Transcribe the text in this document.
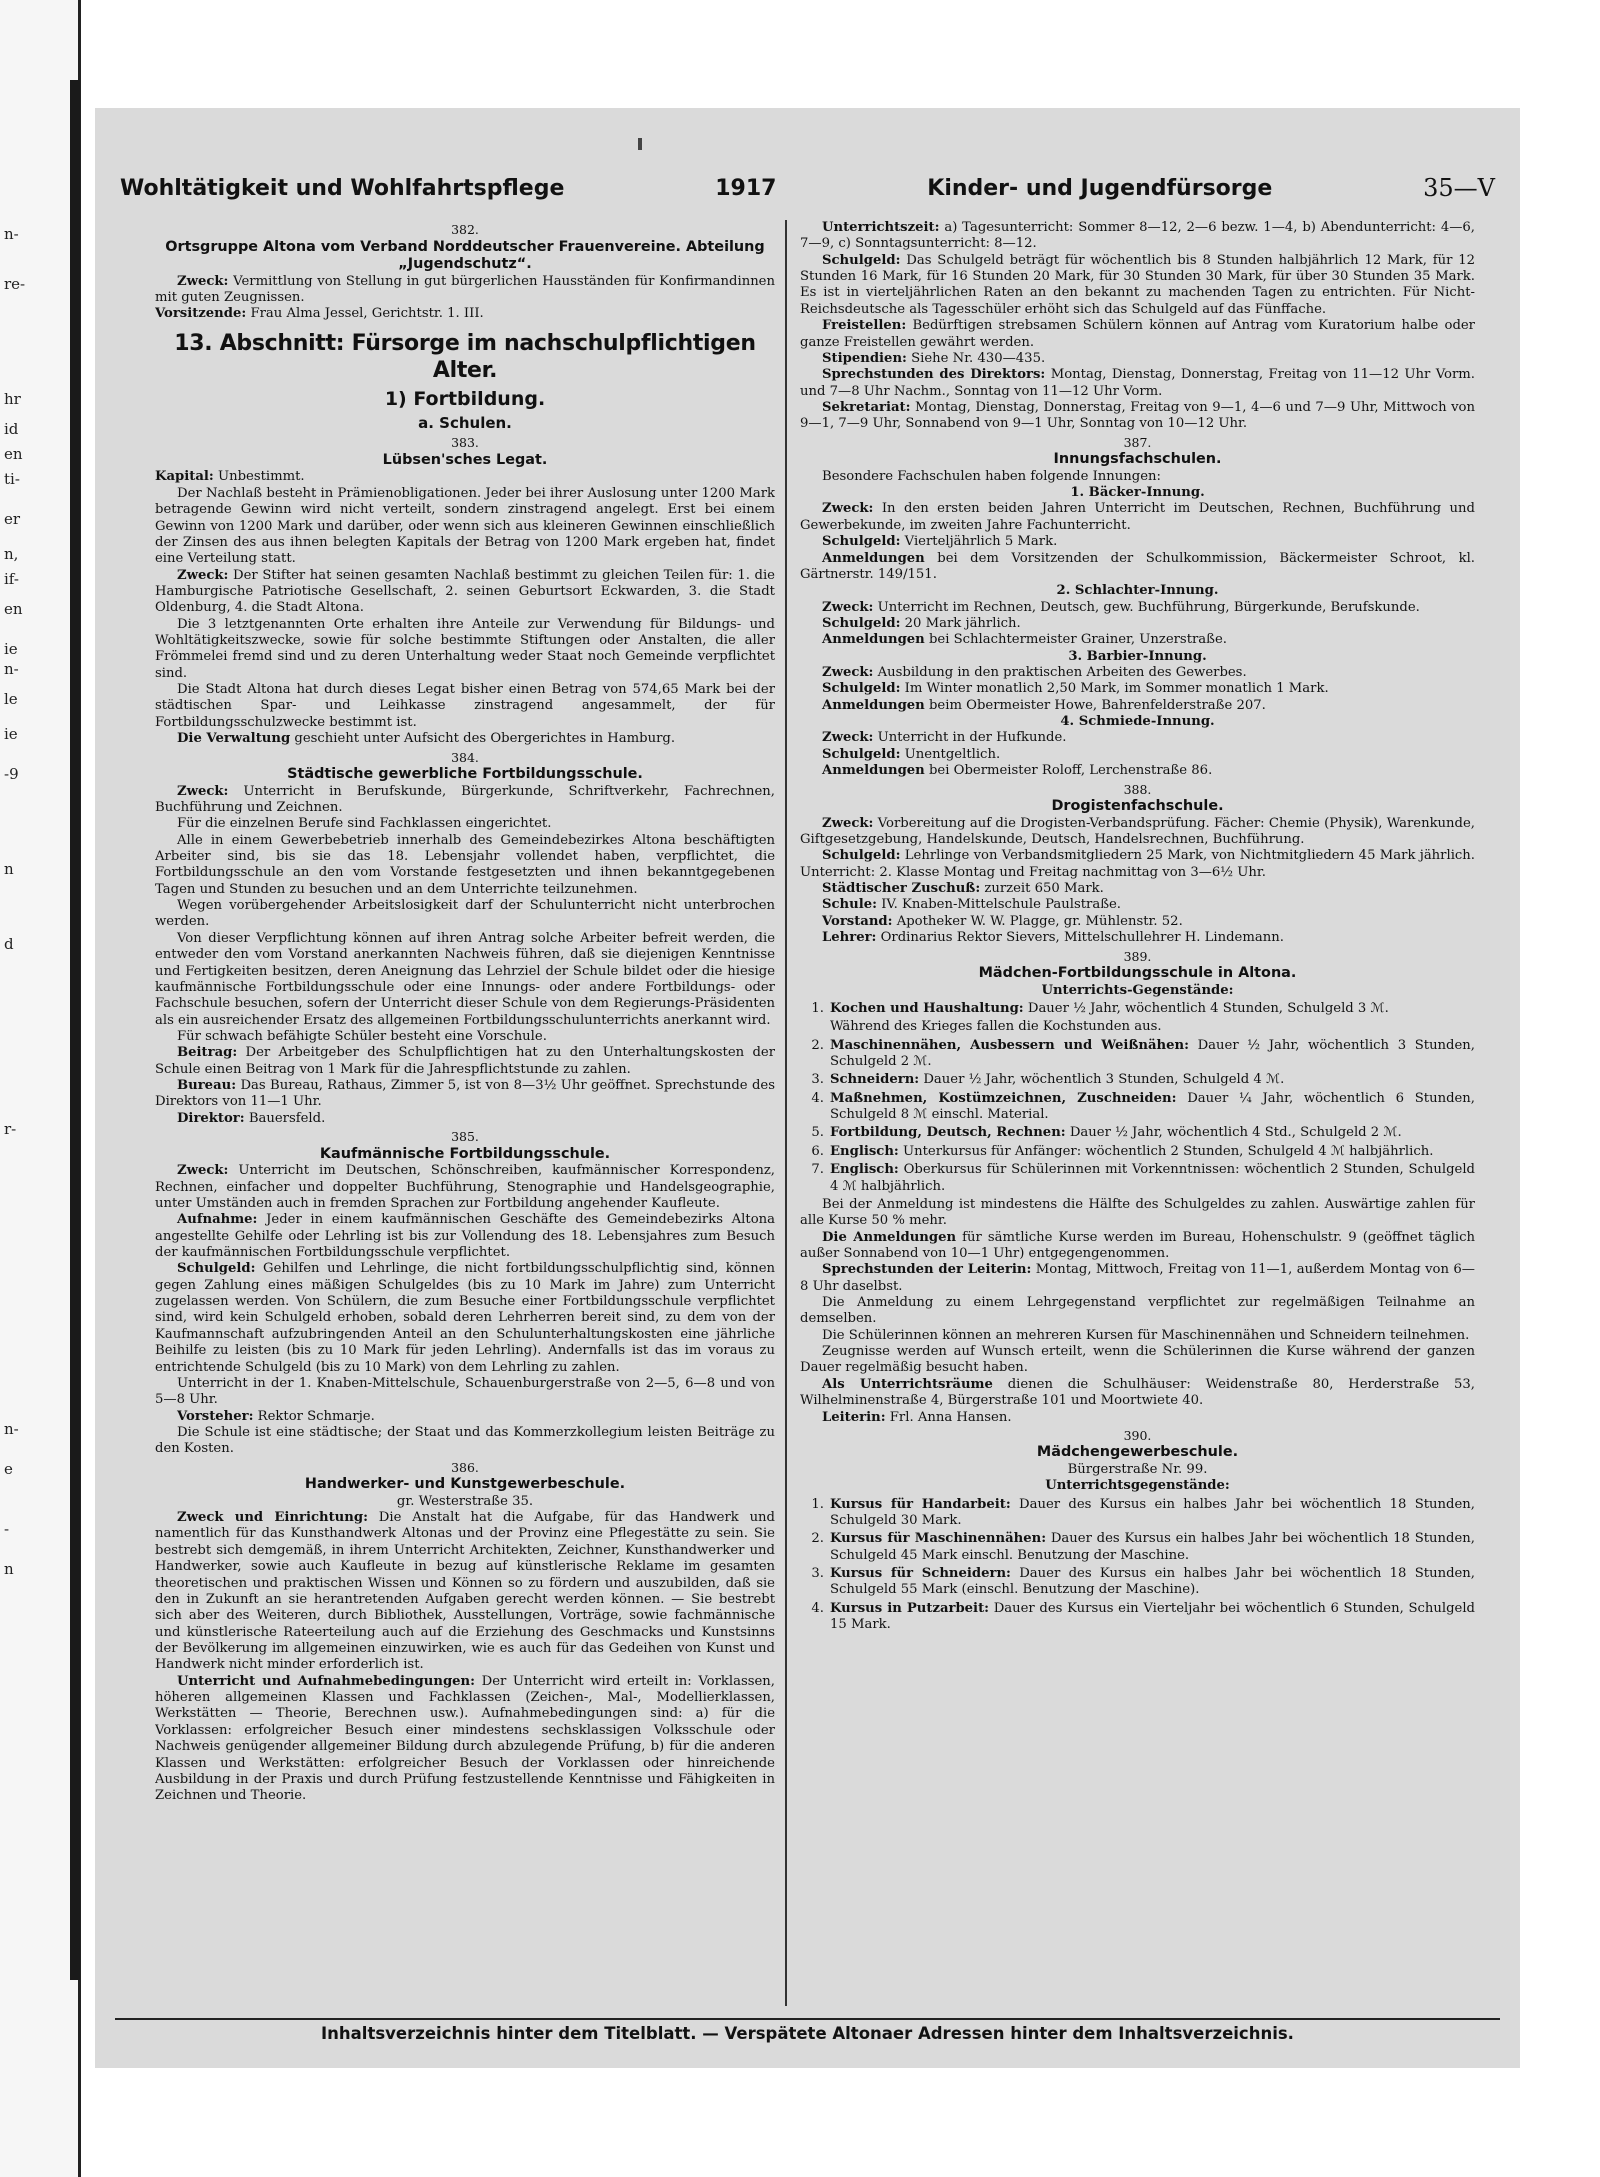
n-
re-
hr
id
en
ti-
er
n,
if-
en
ie
n-
le
ie
-9
n
d
r-
n-
e
-
n
Wohltätigkeit und Wohlfahrtspflege	1917	Kinder- und Jugendfürsorge	35—V
382.
Ortsgruppe Altona vom Verband Norddeutscher Frauenvereine. Abteilung „Jugendschutz“.

Zweck: Vermittlung von Stellung in gut bürgerlichen Hausständen für Konfirmandinnen mit guten Zeugnissen.

Vorsitzende: Frau Alma Jessel, Gerichtstr. 1. III.

13. Abschnitt: Fürsorge im nachschulpflichtigen Alter.
1) Fortbildung.
a. Schulen.
383.
Lübsen'sches Legat.

Kapital: Unbestimmt.

Der Nachlaß besteht in Prämienobligationen. Jeder bei ihrer Auslosung unter 1200 Mark betragende Gewinn wird nicht verteilt, sondern zinstragend angelegt. Erst bei einem Gewinn von 1200 Mark und darüber, oder wenn sich aus kleineren Gewinnen einschließlich der Zinsen des aus ihnen belegten Kapitals der Betrag von 1200 Mark ergeben hat, findet eine Verteilung statt.

Zweck: Der Stifter hat seinen gesamten Nachlaß bestimmt zu gleichen Teilen für: 1. die Hamburgische Patriotische Gesellschaft, 2. seinen Geburtsort Eckwarden, 3. die Stadt Oldenburg, 4. die Stadt Altona.

Die 3 letztgenannten Orte erhalten ihre Anteile zur Verwendung für Bildungs- und Wohltätigkeitszwecke, sowie für solche bestimmte Stiftungen oder Anstalten, die aller Frömmelei fremd sind und zu deren Unterhaltung weder Staat noch Gemeinde verpflichtet sind.

Die Stadt Altona hat durch dieses Legat bisher einen Betrag von 574,65 Mark bei der städtischen Spar- und Leihkasse zinstragend angesammelt, der für Fortbildungsschulzwecke bestimmt ist.

Die Verwaltung geschieht unter Aufsicht des Obergerichtes in Hamburg.

384.
Städtische gewerbliche Fortbildungsschule.

Zweck: Unterricht in Berufskunde, Bürgerkunde, Schriftverkehr, Fachrechnen, Buchführung und Zeichnen.

Für die einzelnen Berufe sind Fachklassen eingerichtet.

Alle in einem Gewerbebetrieb innerhalb des Gemeindebezirkes Altona beschäftigten Arbeiter sind, bis sie das 18. Lebensjahr vollendet haben, verpflichtet, die Fortbildungsschule an den vom Vorstande festgesetzten und ihnen bekanntgegebenen Tagen und Stunden zu besuchen und an dem Unterrichte teilzunehmen.

Wegen vorübergehender Arbeitslosigkeit darf der Schulunterricht nicht unterbrochen werden.

Von dieser Verpflichtung können auf ihren Antrag solche Arbeiter befreit werden, die entweder den vom Vorstand anerkannten Nachweis führen, daß sie diejenigen Kenntnisse und Fertigkeiten besitzen, deren Aneignung das Lehrziel der Schule bildet oder die hiesige kaufmännische Fortbildungsschule oder eine Innungs- oder andere Fortbildungs- oder Fachschule besuchen, sofern der Unterricht dieser Schule von dem Regierungs-Präsidenten als ein ausreichender Ersatz des allgemeinen Fortbildungsschulunterrichts anerkannt wird.

Für schwach befähigte Schüler besteht eine Vorschule.

Beitrag: Der Arbeitgeber des Schulpflichtigen hat zu den Unterhaltungskosten der Schule einen Beitrag von 1 Mark für die Jahrespflichtstunde zu zahlen.

Bureau: Das Bureau, Rathaus, Zimmer 5, ist von 8—3½ Uhr geöffnet. Sprechstunde des Direktors von 11—1 Uhr.

Direktor: Bauersfeld.

385.
Kaufmännische Fortbildungsschule.

Zweck: Unterricht im Deutschen, Schönschreiben, kaufmännischer Korrespondenz, Rechnen, einfacher und doppelter Buchführung, Stenographie und Handelsgeographie, unter Umständen auch in fremden Sprachen zur Fortbildung angehender Kaufleute.

Aufnahme: Jeder in einem kaufmännischen Geschäfte des Gemeindebezirks Altona angestellte Gehilfe oder Lehrling ist bis zur Vollendung des 18. Lebensjahres zum Besuch der kaufmännischen Fortbildungsschule verpflichtet.

Schulgeld: Gehilfen und Lehrlinge, die nicht fortbildungsschulpflichtig sind, können gegen Zahlung eines mäßigen Schulgeldes (bis zu 10 Mark im Jahre) zum Unterricht zugelassen werden. Von Schülern, die zum Besuche einer Fortbildungsschule verpflichtet sind, wird kein Schulgeld erhoben, sobald deren Lehrherren bereit sind, zu dem von der Kaufmannschaft aufzubringenden Anteil an den Schulunterhaltungskosten eine jährliche Beihilfe zu leisten (bis zu 10 Mark für jeden Lehrling). Andernfalls ist das im voraus zu entrichtende Schulgeld (bis zu 10 Mark) von dem Lehrling zu zahlen.

Unterricht in der 1. Knaben-Mittelschule, Schauenburgerstraße von 2—5, 6—8 und von 5—8 Uhr.

Vorsteher: Rektor Schmarje.

Die Schule ist eine städtische; der Staat und das Kommerzkollegium leisten Beiträge zu den Kosten.

386.
Handwerker- und Kunstgewerbeschule.
gr. Westerstraße 35.

Zweck und Einrichtung: Die Anstalt hat die Aufgabe, für das Handwerk und namentlich für das Kunsthandwerk Altonas und der Provinz eine Pflegestätte zu sein. Sie bestrebt sich demgemäß, in ihrem Unterricht Architekten, Zeichner, Kunsthandwerker und Handwerker, sowie auch Kaufleute in bezug auf künstlerische Reklame im gesamten theoretischen und praktischen Wissen und Können so zu fördern und auszubilden, daß sie den in Zukunft an sie herantretenden Aufgaben gerecht werden können. — Sie bestrebt sich aber des Weiteren, durch Bibliothek, Ausstellungen, Vorträge, sowie fachmännische und künstlerische Rateerteilung auch auf die Erziehung des Geschmacks und Kunstsinns der Bevölkerung im allgemeinen einzuwirken, wie es auch für das Gedeihen von Kunst und Handwerk nicht minder erforderlich ist.

Unterricht und Aufnahmebedingungen: Der Unterricht wird erteilt in: Vorklassen, höheren allgemeinen Klassen und Fachklassen (Zeichen-, Mal-, Modellierklassen, Werkstätten — Theorie, Berechnen usw.). Aufnahmebedingungen sind: a) für die Vorklassen: erfolgreicher Besuch einer mindestens sechsklassigen Volksschule oder Nachweis genügender allgemeiner Bildung durch abzulegende Prüfung, b) für die anderen Klassen und Werkstätten: erfolgreicher Besuch der Vorklassen oder hinreichende Ausbildung in der Praxis und durch Prüfung festzustellende Kenntnisse und Fähigkeiten in Zeichnen und Theorie.

Unterrichtszeit: a) Tagesunterricht: Sommer 8—12, 2—6 bezw. 1—4, b) Abendunterricht: 4—6, 7—9, c) Sonntagsunterricht: 8—12.

Schulgeld: Das Schulgeld beträgt für wöchentlich bis 8 Stunden halbjährlich 12 Mark, für 12 Stunden 16 Mark, für 16 Stunden 20 Mark, für 30 Stunden 30 Mark, für über 30 Stunden 35 Mark. Es ist in vierteljährlichen Raten an den bekannt zu machenden Tagen zu entrichten. Für Nicht-Reichsdeutsche als Tagesschüler erhöht sich das Schulgeld auf das Fünffache.

Freistellen: Bedürftigen strebsamen Schülern können auf Antrag vom Kuratorium halbe oder ganze Freistellen gewährt werden.

Stipendien: Siehe Nr. 430—435.

Sprechstunden des Direktors: Montag, Dienstag, Donnerstag, Freitag von 11—12 Uhr Vorm. und 7—8 Uhr Nachm., Sonntag von 11—12 Uhr Vorm.

Sekretariat: Montag, Dienstag, Donnerstag, Freitag von 9—1, 4—6 und 7—9 Uhr, Mittwoch von 9—1, 7—9 Uhr, Sonnabend von 9—1 Uhr, Sonntag von 10—12 Uhr.

387.
Innungsfachschulen.

Besondere Fachschulen haben folgende Innungen:

1. Bäcker-Innung.

Zweck: In den ersten beiden Jahren Unterricht im Deutschen, Rechnen, Buchführung und Gewerbekunde, im zweiten Jahre Fachunterricht.

Schulgeld: Vierteljährlich 5 Mark.

Anmeldungen bei dem Vorsitzenden der Schulkommission, Bäckermeister Schroot, kl. Gärtnerstr. 149/151.

2. Schlachter-Innung.

Zweck: Unterricht im Rechnen, Deutsch, gew. Buchführung, Bürgerkunde, Berufskunde.

Schulgeld: 20 Mark jährlich.

Anmeldungen bei Schlachtermeister Grainer, Unzerstraße.

3. Barbier-Innung.

Zweck: Ausbildung in den praktischen Arbeiten des Gewerbes.

Schulgeld: Im Winter monatlich 2,50 Mark, im Sommer monatlich 1 Mark.

Anmeldungen beim Obermeister Howe, Bahrenfelderstraße 207.

4. Schmiede-Innung.

Zweck: Unterricht in der Hufkunde.

Schulgeld: Unentgeltlich.

Anmeldungen bei Obermeister Roloff, Lerchenstraße 86.

388.
Drogistenfachschule.

Zweck: Vorbereitung auf die Drogisten-Verbandsprüfung. Fächer: Chemie (Physik), Warenkunde, Giftgesetzgebung, Handelskunde, Deutsch, Handelsrechnen, Buchführung.

Schulgeld: Lehrlinge von Verbandsmitgliedern 25 Mark, von Nichtmitgliedern 45 Mark jährlich. Unterricht: 2. Klasse Montag und Freitag nachmittag von 3—6½ Uhr.

Städtischer Zuschuß: zurzeit 650 Mark.

Schule: IV. Knaben-Mittelschule Paulstraße.

Vorstand: Apotheker W. W. Plagge, gr. Mühlenstr. 52.

Lehrer: Ordinarius Rektor Sievers, Mittelschullehrer H. Lindemann.

389.
Mädchen-Fortbildungsschule in Altona.
Unterrichts-Gegenstände:
1. Kochen und Haushaltung: Dauer ½ Jahr, wöchentlich 4 Stunden, Schulgeld 3 ℳ.
Während des Krieges fallen die Kochstunden aus.
2. Maschinennähen, Ausbessern und Weißnähen: Dauer ½ Jahr, wöchentlich 3 Stunden, Schulgeld 2 ℳ.
3. Schneidern: Dauer ½ Jahr, wöchentlich 3 Stunden, Schulgeld 4 ℳ.
4. Maßnehmen, Kostümzeichnen, Zuschneiden: Dauer ¼ Jahr, wöchentlich 6 Stunden, Schulgeld 8 ℳ einschl. Material.
5. Fortbildung, Deutsch, Rechnen: Dauer ½ Jahr, wöchentlich 4 Std., Schulgeld 2 ℳ.
6. Englisch: Unterkursus für Anfänger: wöchentlich 2 Stunden, Schulgeld 4 ℳ halbjährlich.
7. Englisch: Oberkursus für Schülerinnen mit Vorkenntnissen: wöchentlich 2 Stunden, Schulgeld 4 ℳ halbjährlich.

Bei der Anmeldung ist mindestens die Hälfte des Schulgeldes zu zahlen. Auswärtige zahlen für alle Kurse 50 % mehr.

Die Anmeldungen für sämtliche Kurse werden im Bureau, Hohenschulstr. 9 (geöffnet täglich außer Sonnabend von 10—1 Uhr) entgegengenommen.

Sprechstunden der Leiterin: Montag, Mittwoch, Freitag von 11—1, außerdem Montag von 6—8 Uhr daselbst.

Die Anmeldung zu einem Lehrgegenstand verpflichtet zur regelmäßigen Teilnahme an demselben.

Die Schülerinnen können an mehreren Kursen für Maschinennähen und Schneidern teilnehmen.

Zeugnisse werden auf Wunsch erteilt, wenn die Schülerinnen die Kurse während der ganzen Dauer regelmäßig besucht haben.

Als Unterrichtsräume dienen die Schulhäuser: Weidenstraße 80, Herderstraße 53, Wilhelminenstraße 4, Bürgerstraße 101 und Moortwiete 40.

Leiterin: Frl. Anna Hansen.

390.
Mädchengewerbeschule.
Bürgerstraße Nr. 99.
Unterrichtsgegenstände:
1. Kursus für Handarbeit: Dauer des Kursus ein halbes Jahr bei wöchentlich 18 Stunden, Schulgeld 30 Mark.
2. Kursus für Maschinennähen: Dauer des Kursus ein halbes Jahr bei wöchentlich 18 Stunden, Schulgeld 45 Mark einschl. Benutzung der Maschine.
3. Kursus für Schneidern: Dauer des Kursus ein halbes Jahr bei wöchentlich 18 Stunden, Schulgeld 55 Mark (einschl. Benutzung der Maschine).
4. Kursus in Putzarbeit: Dauer des Kursus ein Vierteljahr bei wöchentlich 6 Stunden, Schulgeld 15 Mark.
Inhaltsverzeichnis hinter dem Titelblatt. — Verspätete Altonaer Adressen hinter dem Inhaltsverzeichnis.
